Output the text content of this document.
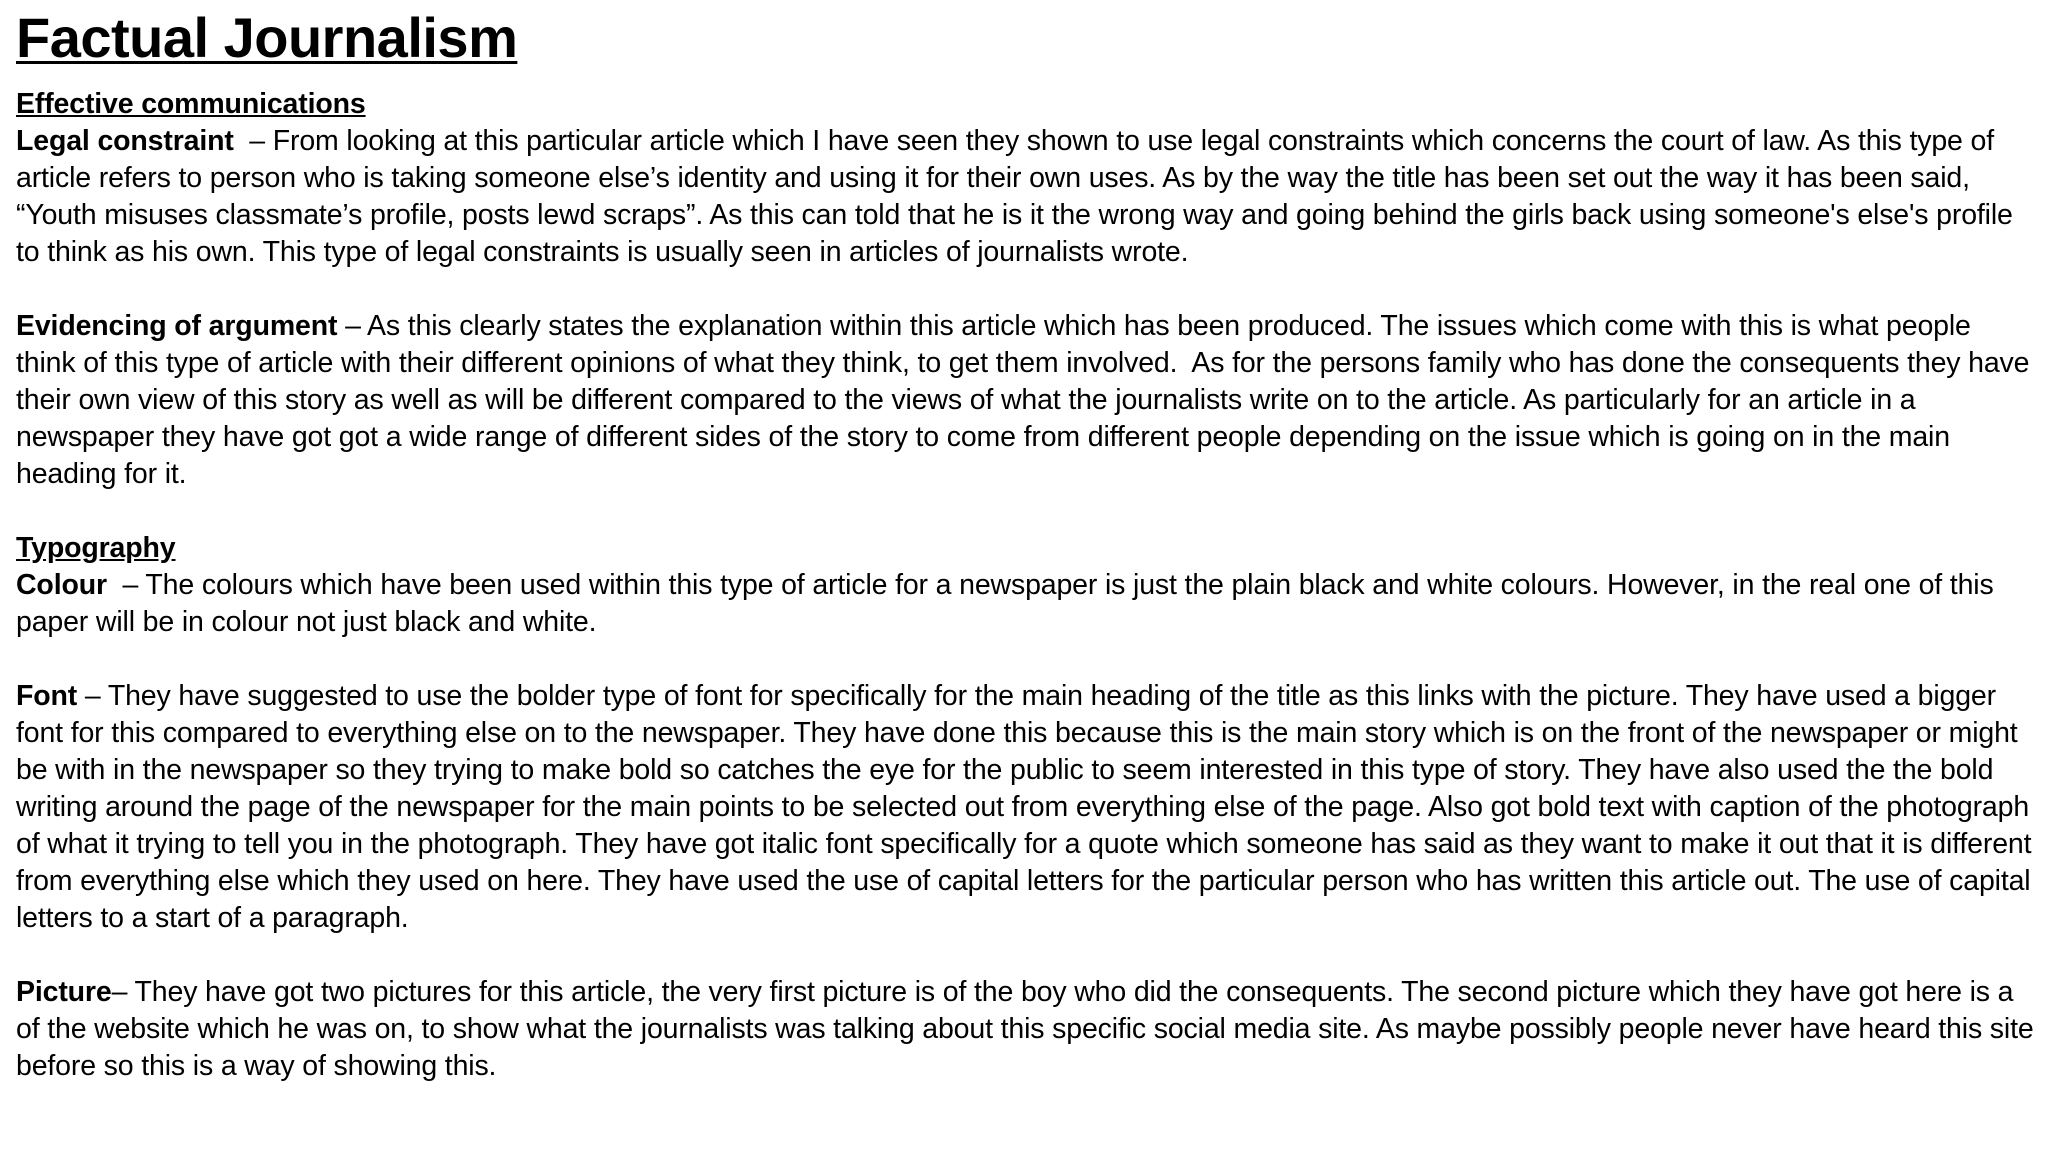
Factual Journalism
Effective communications

Legal constraint  – From looking at this particular article which I have seen they shown to use legal constraints which concerns the court of law. As this type of article refers to person who is taking someone else’s identity and using it for their own uses. As by the way the title has been set out the way it has been said, “Youth misuses classmate’s profile, posts lewd scraps”. As this can told that he is it the wrong way and going behind the girls back using someone's else's profile to think as his own. This type of legal constraints is usually seen in articles of journalists wrote.

Evidencing of argument – As this clearly states the explanation within this article which has been produced. The issues which come with this is what people think of this type of article with their different opinions of what they think, to get them involved.  As for the persons family who has done the consequents they have their own view of this story as well as will be different compared to the views of what the journalists write on to the article. As particularly for an article in a newspaper they have got got a wide range of different sides of the story to come from different people depending on the issue which is going on in the main heading for it.

Typography

Colour  – The colours which have been used within this type of article for a newspaper is just the plain black and white colours. However, in the real one of this paper will be in colour not just black and white.

Font – They have suggested to use the bolder type of font for specifically for the main heading of the title as this links with the picture. They have used a bigger font for this compared to everything else on to the newspaper. They have done this because this is the main story which is on the front of the newspaper or might be with in the newspaper so they trying to make bold so catches the eye for the public to seem interested in this type of story. They have also used the the bold writing around the page of the newspaper for the main points to be selected out from everything else of the page. Also got bold text with caption of the photograph of what it trying to tell you in the photograph. They have got italic font specifically for a quote which someone has said as they want to make it out that it is different from everything else which they used on here. They have used the use of capital letters for the particular person who has written this article out. The use of capital letters to a start of a paragraph.

Picture– They have got two pictures for this article, the very first picture is of the boy who did the consequents. The second picture which they have got here is a of the website which he was on, to show what the journalists was talking about this specific social media site. As maybe possibly people never have heard this site before so this is a way of showing this.
